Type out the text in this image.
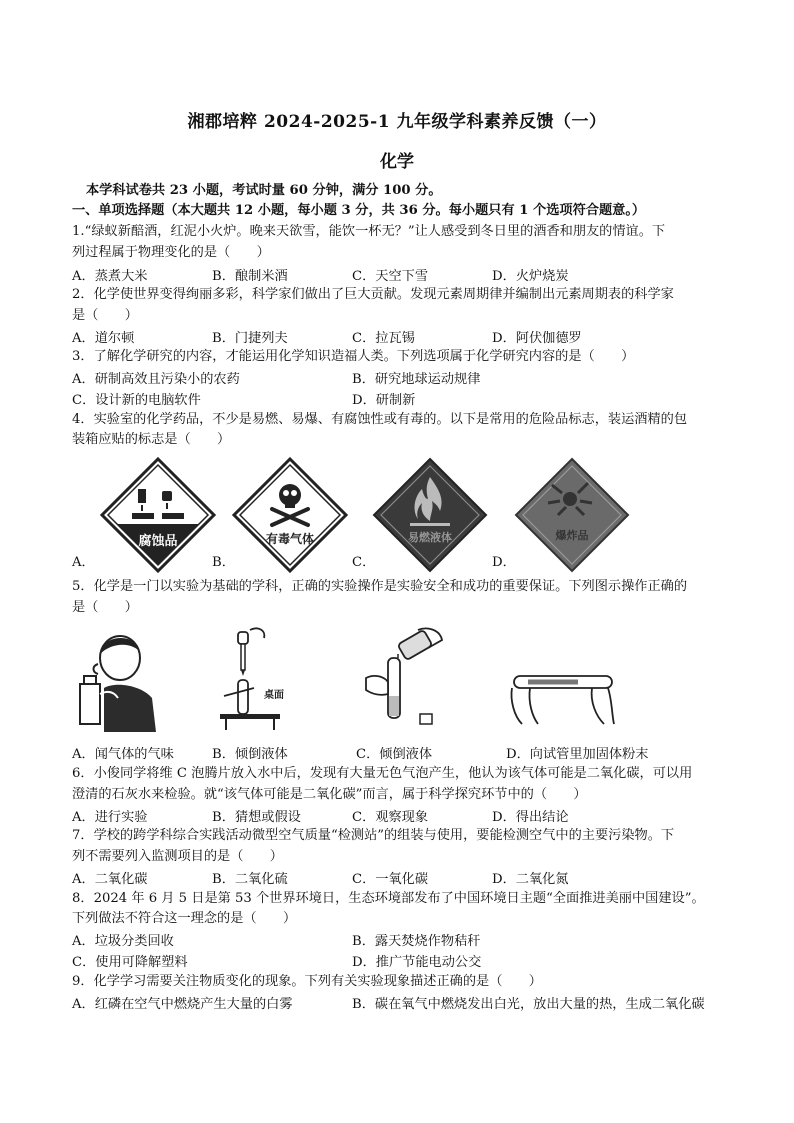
湘郡培粹 2024-2025-1 九年级学科素养反馈（一）
化学
本学科试卷共 23 小题，考试时量 60 分钟，满分 100 分。
一、单项选择题（本大题共 12 小题，每小题 3 分，共 36 分。每小题只有 1 个选项符合题意。）
1.“绿蚁新醅酒，红泥小火炉。晚来天欲雪，能饮一杯无？”让人感受到冬日里的酒香和朋友的情谊。下
列过程属于物理变化的是（　　）
A．蒸煮大米	B．酿制米酒	C．天空下雪	D．火炉烧炭
2．化学使世界变得绚丽多彩，科学家们做出了巨大贡献。发现元素周期律并编制出元素周期表的科学家
是（　　）
A．道尔顿	B．门捷列夫	C．拉瓦锡	D．阿伏伽德罗
3．了解化学研究的内容，才能运用化学知识造福人类。下列选项属于化学研究内容的是（　　）
A．研制高效且污染小的农药	B．研究地球运动规律
C．设计新的电脑软件	D．研制新
4．实验室的化学药品，不少是易燃、易爆、有腐蚀性或有毒的。以下是常用的危险品标志，装运酒精的包
装箱应贴的标志是（　　）
腐蚀品	有毒气体	易燃液体	爆炸品
A．	B．	C．	D．
5．化学是一门以实验为基础的学科，正确的实验操作是实验安全和成功的重要保证。下列图示操作正确的
是（　　）
桌面
A．闻气体的气味	B．倾倒液体	C．倾倒液体	D．向试管里加固体粉末
6．小俊同学将维 C 泡腾片放入水中后，发现有大量无色气泡产生，他认为该气体可能是二氧化碳，可以用
澄清的石灰水来检验。就“该气体可能是二氧化碳”而言，属于科学探究环节中的（　　）
A．进行实验	B．猜想或假设	C．观察现象	D．得出结论
7．学校的跨学科综合实践活动微型空气质量“检测站”的组装与使用，要能检测空气中的主要污染物。下
列不需要列入监测项目的是（　　）
A．二氧化碳	B．二氧化硫	C．一氧化碳	D．二氧化氮
8．2024 年 6 月 5 日是第 53 个世界环境日，生态环境部发布了中国环境日主题“全面推进美丽中国建设”。
下列做法不符合这一理念的是（　　）
A．垃圾分类回收	B．露天焚烧作物秸秆
C．使用可降解塑料	D．推广节能电动公交
9．化学学习需要关注物质变化的现象。下列有关实验现象描述正确的是（　　）
A．红磷在空气中燃烧产生大量的白雾	B．碳在氧气中燃烧发出白光，放出大量的热，生成二氧化碳
